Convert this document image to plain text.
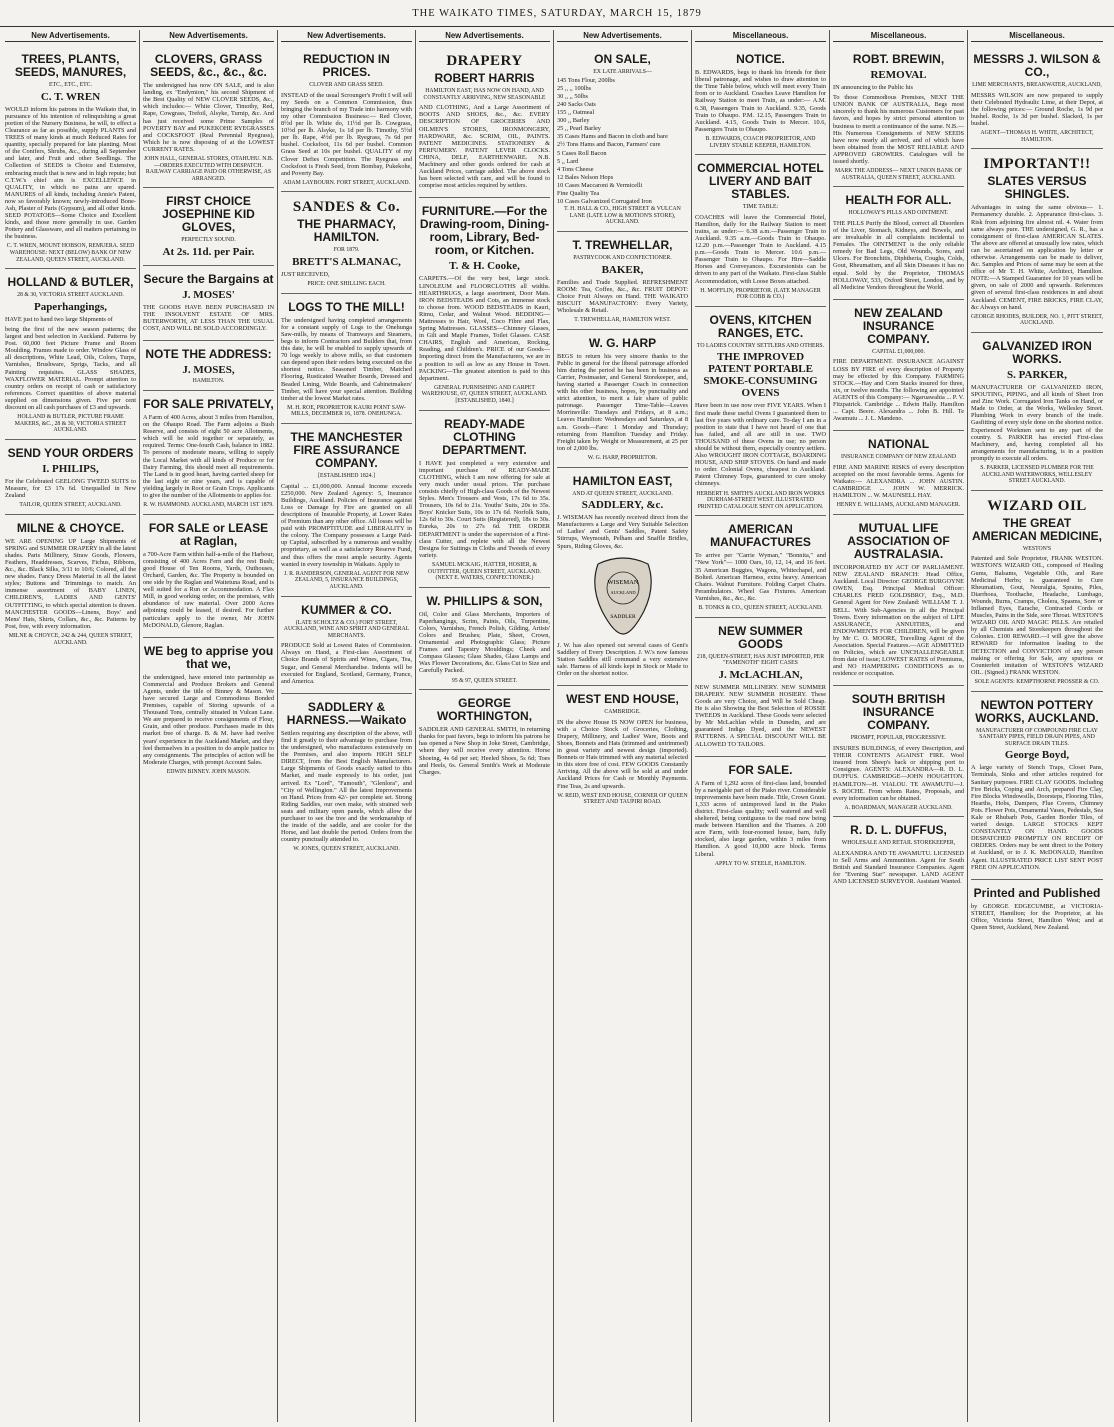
THE WAIKATO TIMES, SATURDAY, MARCH 15, 1879
New Advertisements.
TREES, PLANTS, SEEDS, MANURES,
ETC., ETC., ETC.
C. T. WREN
WOULD inform his patrons in the Waikato that, in pursuance of his intention of relinquishing a great portion of the Nursery Business, he will, to effect a Clearance as far as possible, supply PLANTS and TREES of many kinds at much Reduced Rates for quantity, specially prepared for late planting. Most of the Conifers, Shrubs, &c., during all September and later, and Fruit and other Seedlings. The Collection of SEEDS is Choice and Extensive, embracing much that is new and in high repute; but C.T.W.'s chief aim is EXCELLENCE in QUALITY, in which no pains are spared. MANURES of all kinds, including Annie's Patent, now so favorably known; newly-introduced Bone-Ash, Plaster of Paris (Gypsum), and all other kinds. SEED POTATOES—Some Choice and Excellent kinds, and those more generally in use. Garden Pottery and Glassware, and all matters pertaining to the business.
C. T. WREN, MOUNT HOBSON, REMUERA. SEED WAREHOUSE: NEXT (BELOW) BANK OF NEW ZEALAND, QUEEN STREET, AUCKLAND.
HOLLAND & BUTLER,
28 & 30, VICTORIA STREET AUCKLAND.
Paperhangings,
HAVE just to hand two large Shipments of
being the first of the new season patterns; the largest and best selection in Auckland. Patterns by Post. 60,000 feet Picture Frame and Room Moulding. Frames made to order. Window Glass of all descriptions, White Lead, Oils, Colors, Turps, Varnishes, Brushware, Sprigs, Tacks, and all Painting requisites. GLASS SHADES, WAXFLOWER MATERIAL. Prompt attention to country orders on receipt of cash or satisfactory references. Correct quantities of above material supplied on dimensions given. Five per cent discount on all cash purchases of £3 and upwards.
HOLLAND & BUTLER, PICTURE FRAME MAKERS, &C., 28 & 30, VICTORIA STREET AUCKLAND.
SEND YOUR ORDERS
I. PHILIPS,
For the Celebrated GEELONG TWEED SUITS to Measure, for £3 17s 6d. Unequalled in New Zealand
TAILOR, QUEEN STREET, AUCKLAND.
MILNE & CHOYCE.
WE ARE OPENING UP Large Shipments of SPRING and SUMMER DRAPERY in all the latest shades. Paris Millinery, Straw Goods, Flowers, Feathers, Headdresses, Scarves, Fichus, Ribbons, &c., &c. Black Silks, 3/11 to 10/6; Colored, all the new shades. Fancy Dress Material in all the latest styles; Buttons and Trimmings to match. An immense assortment of BABY LINEN, CHILDREN'S, LADIES AND GENTS' OUTFITTING, to which special attention is drawn. MANCHESTER GOODS—Linens, Boys' and Mens' Hats, Shirts, Collars, &c., &c. Patterns by Post, free, with every information.
MILNE & CHOYCE, 242 & 244, QUEEN STREET, AUCKLAND.
New Advertisements.
CLOVERS, GRASS SEEDS, &c., &c., &c.
The undersigned has now ON SALE, and is also landing, ex "Endymion," his second Shipment of the Best Quality of NEW CLOVER SEEDS, &c., which includes:— White Clover, Timothy, Red, Rape, Cowgrass, Trefoil, Alsyke, Turnip, &c. And has just received some Prime Samples of POVERTY BAY and PUKEKOHE RYEGRASSES and COCKSFOOT (Real Perennial Ryegrass), Which he is now disposing of at the LOWEST CURRENT RATES.
JOHN HALL, GENERAL STORES, OTAHUHU. N.B.—ORDERS EXECUTED WITH DESPATCH. RAILWAY CARRIAGE PAID OR OTHERWISE, AS ARRANGED.
FIRST CHOICE JOSEPHINE KID GLOVES,
PERFECTLY SOUND.
At 2s. 11d. per Pair.
Secure the Bargains at
J. MOSES'
THE GOODS HAVE BEEN PURCHASED IN THE INSOLVENT ESTATE OF MRS. BUTERWORTH, AT LESS THAN THE USUAL COST, AND WILL BE SOLD ACCORDINGLY.
NOTE THE ADDRESS:
J. MOSES,
HAMILTON.
FOR SALE PRIVATELY,
A Farm of 400 Acres, about 3 miles from Hamilton, on the Ohaupo Road. The Farm adjoins a Bush Reserve, and consists of eight 50 acre Allotments, which will be sold together or separately, as required. Terms: One-fourth Cash, balance in 1882. To persons of moderate means, willing to supply the Local Market with all kinds of Produce or for Dairy Farming, this should meet all requirements. The Land is in good heart, having carried sheep for the last eight or nine years, and is capable of yielding largely in Root or Grain Crops. Applicants to give the number of the Allotments to applies for.
R. W. HAMMOND. AUCKLAND, MARCH 1ST 1879.
FOR SALE or LEASE at Raglan,
a 700-Acre Farm within half-a-mile of the Harbour, consisting of 400 Acres Fern and the rest Bush; good House of Ten Rooms, Yards, Outhouses, Orchard, Garden, &c. The Property is bounded on one side by the Raglan and Waitetuna Road, and is well suited for a Run or Accommodation. A Flax Mill, in good working order, on the premises, with abundance of raw material. Over 2000 Acres adjoining could be leased, if desired. For further particulars apply to the owner, Mr JOHN McDONALD, Glenore, Raglan.
WE beg to apprise you that we,
the undersigned, have entered into partnership as Commercial and Produce Brokers and General Agents, under the title of Binney & Mason. We have secured Large and Commodious Bonded Premises, capable of Storing upwards of a Thousand Tons, centrally situated in Vulcan Lane. We are prepared to receive consignments of Flour, Grain, and other produce. Purchases made in this market free of charge. B. & M. have had twelve years' experience in the Auckland Market, and they feel themselves in a position to do ample justice to any consignments. The principles of action will be Moderate Charges, with prompt Account Sales.
EDWIN BINNEY. JOHN MASON.
New Advertisements.
REDUCTION IN PRICES.
CLOVER AND GRASS SEED.
INSTEAD of the usual Scrounger's Profit I will sell my Seeds on a Common Commission, thus bringing the branch of my Trade into harmony with my other Commission Business:— Red Clover, 8½d per lb. White do, 11½d per lb. Cowgrass, 10½d per lb. Alsyke, 1s 1d per lb. Timothy, 5½d per lb. Rape, 4½d per lb. Ryegrass, 7s 6d per bushel. Cocksfoot, 11s 6d per bushel. Common Grass Seed at 10s per bushel. QUALITY of my Clover Defies Competition. The Ryegrass and Cocksfoot is Fresh Seed, from Bombay, Pukekohe, and Poverty Bay.
ADAM LAYBOURN. FORT STREET, AUCKLAND.
SANDES & Co.
THE PHARMACY, HAMILTON.
FOR 1879.
BRETT'S ALMANAC,
JUST RECEIVED,
PRICE: ONE SHILLING EACH.
LOGS TO THE MILL!
The undersigned having completed arrangements for a constant supply of Logs to the Onehunga Saw-mills, by means of Tramways and Steamers, begs to inform Contractors and Builders that, from this date, he will be enabled to supply upwards of 70 logs weekly to above mills, so that customers can depend upon their orders being executed on the shortest notice. Seasoned Timber, Matched Flooring, Rusticated Weather Boards, Dressed and Beaded Lining, Wide Boards, and Cabinetmakers' Timber, will have your special attention. Building timber at the lowest Market rates.
M. H. ROE, PROPRIETOR KAURI POINT SAW-MILLS, DECEMBER 16, 1878. ONEHUNGA.
THE MANCHESTER FIRE ASSURANCE COMPANY.
[ESTABLISHED 1824.]
Capital ... £1,000,000. Annual Income exceeds £250,000. New Zealand Agency: 5, Insurance Buildings, Auckland. Policies of Insurance against Loss or Damage by Fire are granted on all descriptions of Insurable Property, at Lower Rates of Premium than any other office. All losses will be paid with PROMPTITUDE and LIBERALITY in the colony. The Company possesses a Large Paid-up Capital, subscribed by a numerous and wealthy proprietary, as well as a satisfactory Reserve Fund, and thus offers the most ample security. Agents wanted in every township in Waikato. Apply to
J. R. RANDERSON, GENERAL AGENT FOR NEW ZEALAND, 5, INSURANCE BUILDINGS, AUCKLAND.
KUMMER & CO.
(LATE SCHOLTZ & CO.) FORT STREET, AUCKLAND, WINE AND SPIRIT AND GENERAL MERCHANTS.
PRODUCE Sold at Lowest Rates of Commission. Always on Hand, a First-class Assortment of Choice Brands of Spirits and Wines, Cigars, Tea, Sugar, and General Merchandise. Indents will be executed for England, Scotland, Germany, France, and America.
SADDLERY & HARNESS.—Waikato
Settlers requiring any description of the above, will find it greatly to their advantage to purchase from the undersigned, who manufactures extensively on the Premises, and also imports HIGH SELF DIRECT, from the Best English Manufacturers. Large Shipments of Goods exactly suited to this Market, and made expressly to his order, just arrived. Ex "Lord", "Famouth", "Glenlora", and "City of Wellington." All the latest Improvements on Hand. Prices from 42/- per complete set. Strong Riding Saddles, our own make, with strained web seats and military open panels, which allow the purchaser to see the tree and the workmanship of the inside of the saddle, and are cooler for the Horse, and last double the period. Orders from the country punctually attended to.
W. JONES, QUEEN STREET, AUCKLAND.
New Advertisements.
DRAPERY
ROBERT HARRIS
HAMILTON EAST, HAS NOW ON HAND, AND CONSTANTLY ARRIVING, NEW SEASONABLE
AND CLOTHING, And a Large Assortment of BOOTS AND SHOES, &c., &c. EVERY DESCRIPTION OF GROCERIES AND OILMEN'S STORES, IRONMONGERY, HARDWARE, &c. SCRIM, OIL, PAINTS. PATENT MEDICINES. STATIONERY & PERFUMERY. PATENT LEVER CLOCKS. CHINA, DELF, EARTHENWARE. N.B. Machinery and other goods ordered for cash at Auckland Prices, carriage added. The above stock has been selected with care, and will be found to comprise most articles required by settlers.
FURNITURE.—For the Drawing-room, Dining-room, Library, Bed-room, or Kitchen.
T. & H. Cooke,
CARPETS.—Of the very best, large stock. LINOLEUM and FLOORCLOTHS all widths. HEARTHRUGS, a large assortment, Door Mats. IRON BEDSTEADS and Cots, an immense stock to choose from. WOOD BEDSTEADS in Kauri, Rimu, Cedar, and Walnut Wood. BEDDING—Mattresses to Hair, Wool, Coco Fibre and Flax, Spring Mattresses. GLASSES—Chimney Glasses, in Gilt and Maple Frames, Toilet Glasses. CASE CHAIRS, English and American, Rocking, Reading, and Children's. PRICE of our Goods—Importing direct from the Manufacturers, we are in a position to sell as low as any House in Town. PACKING—The greatest attention is paid to this department.
GENERAL FURNISHING AND CARPET WAREHOUSE, 67, QUEEN STREET, AUCKLAND. [ESTABLISHED, 1840.]
READY-MADE CLOTHING DEPARTMENT.
I HAVE just completed a very extensive and important purchase of READY-MADE CLOTHING, which I am now offering for sale at very much under usual prices. The purchase consists chiefly of High-class Goods of the Newest Styles. Men's Trousers and Vests, 17s 6d to 35s. Trousers, 10s 6d to 21s. Youths' Suits, 20s to 35s. Boys' Knicker Suits, 10s to 17s 6d. Norfolk Suits, 12s 6d to 30s. Court Suits (Registered), 18s to 30s. Eureka, 20s to 27s 6d. THE ORDER DEPARTMENT is under the supervision of a First-class Cutter, and replete with all the Newest Designs for Suitings in Cloths and Tweeds of every variety.
SAMUEL MCKAIG, HATTER, HOSIER, & OUTFITTER, QUEEN STREET, AUCKLAND. (NEXT E. WATERS, CONFECTIONER.)
W. PHILLIPS & SON,
Oil, Color and Glass Merchants, Importers of Paperhangings, Scrim, Paints, Oils, Turpentine, Colors, Varnishes, French Polish, Gilding, Artists' Colors and Brushes; Plate, Sheet, Crown, Ornamental and Photographic Glass; Picture Frames and Tapestry Mouldings; Cheek and Compass Glasses; Glass Shades, Glass Lamps and Wax Flower Decorations, &c. Glass Cut to Size and Carefully Packed.
95 & 97, QUEEN STREET.
GEORGE WORTHINGTON,
SADDLER AND GENERAL SMITH, in returning thanks for past favors, begs to inform his patrons he has opened a New Shop in Joke Street, Cambridge, where they will receive every attention. Horse Shoeing, 4s 6d per set; Heeled Shoes, 5s 6d; Toes and Heels, 6s. General Smith's Work at Moderate Charges.
New Advertisements.
ON SALE,
EX LATE ARRIVALS—
145 Tons Flour, 200lbs
25 ,, ,, 100lbs
30 ,, ,, 50lbs
240 Sacks Oats
155 ,, Oatmeal
300 ,, Barley
25 ,, Pearl Barley
35 Cases Hams and Bacon in cloth and bare
2½ Tons Hams and Bacon, Farmers' cure
5 Cases Roll Bacon
5 ,, Lard
4 Tons Cheese
12 Bales Nelson Hops
10 Cases Maccaroni & Vermicelli
Fine Quality Tea
10 Cases Galvanized Corrugated Iron
T. H. HALL & CO., HIGH STREET & VULCAN LANE (LATE LOW & MOTION'S STORE), AUCKLAND.
T. TREWHELLAR,
PASTRYCOOK AND CONFECTIONER.
BAKER,
Families and Trade Supplied. REFRESHMENT ROOM: Tea, Coffee, &c., &c. FRUIT DEPOT: Choice Fruit Always on Hand. THE WAIKATO BISCUIT MANUFACTORY: Every Variety, Wholesale & Retail.
T. TREWHELLAR, HAMILTON WEST.
W. G. HARP
BEGS to return his very sincere thanks to the Public in general for the liberal patronage afforded him during the period he has been in business as Carrier, Postmaster, and General Storekeeper, and, having started a Passenger Coach in connection with his other business, hopes, by punctuality and strict attention, to merit a fair share of public patronage. Passenger Time-Table—Leaves Morrinsville: Tuesdays and Fridays, at 8 a.m.; Leaves Hamilton: Wednesdays and Saturdays, at 8 a.m. Goods—Fare: 1 Monday and Thursday; returning from Hamilton Tuesday and Friday. Freight taken by Weight or Measurement, at 25 per ton of 2,000 lbs.
W. G. HARP, PROPRIETOR.
HAMILTON EAST,
AND AT QUEEN STREET, AUCKLAND.
SADDLERY, &c.
J. WISEMAN has recently received direct from the Manufacturers a Large and Very Suitable Selection of Ladies' and Gents' Saddles, Patent Safety Stirrups, Weymouth, Pelham and Snaffle Bridles, Spurs, Riding Gloves, &c.
WISEMAN
AUCKLAND
SADDLER
J. W. has also opened out several cases of Gent's Saddlery of Every Description. J. W.'s now famous Station Saddles still command a very extensive sale. Harness of all kinds kept in Stock or Made to Order on the shortest notice.
WEST END HOUSE,
CAMBRIDGE.
IN the above House IS NOW OPEN for business, with a Choice Stock of Groceries, Clothing, Drapery, Millinery, and Ladies' Ware, Boots and Shoes, Bonnets and Hats (trimmed and untrimmed) in great variety and newest design (imported). Bonnets or Hats trimmed with any material selected in this store free of cost. FEW GOODS Constantly Arriving. All the above will be sold at and under Auckland Prices for Cash or Monthly Payments. Fine Teas, 2s and upwards.
W. REID, WEST END HOUSE, CORNER OF QUEEN STREET AND TAUPIRI ROAD.
Miscellaneous.
NOTICE.
B. EDWARDS, begs to thank his friends for their liberal patronage, and wishes to draw attention to the Time Table below, which will meet every Train from or to Auckland. Coaches Leave Hamilton for Railway Station to meet Train, as under:— A.M. 6.38, Passengers Train to Auckland. 9.35, Goods Train to Ohaupo. P.M. 12.15, Passengers Train to Auckland. 4.15, Goods Train to Mercer. 10.6, Passengers Train to Ohaupo.
B. EDWARDS, COACH PROPRIETOR, AND LIVERY STABLE KEEPER, HAMILTON.
COMMERCIAL HOTEL LIVERY AND BAIT STABLES.
TIME TABLE:
COACHES will leave the Commercial Hotel, Hamilton, daily for the Railway Station to meet trains, as under:— 6.38 a.m.—Passenger Train to Auckland. 9.35 a.m.—Goods Train to Ohaupo. 12.20 p.m.—Passenger Train to Auckland. 4.15 p.m.—Goods Train to Mercer. 10.6 p.m.—Passenger Train to Ohaupo. For Hire—Saddle Horses and Conveyances. Excursionists can be driven to any part of the Waikato. First-class Stable Accommodation, with Loose Boxes attached.
H. MOFFLIN, PROPRIETOR. (LATE MANAGER FOR COBB & CO.)
OVENS, KITCHEN RANGES, ETC.
TO LADIES COUNTRY SETTLERS AND OTHERS.
THE IMPROVED PATENT PORTABLE SMOKE-CONSUMING OVENS
Have been in use now over FIVE YEARS. When I first made these useful Ovens I guaranteed them to last five years with ordinary care. To-day I am in a position to state that I have not heard of one that has failed, and all are still in use. TWO THOUSAND of these Ovens in use; no person should be without them, especially country settlers. Also WROUGHT IRON COTTAGE, BOARDING HOUSE, AND SHIP STOVES. On hand and made to order. Colonial Ovens, cheapest in Auckland. Patent Chimney Tops, guaranteed to cure smoky chimneys.
HERBERT H. SMITH'S AUCKLAND IRON WORKS DURHAM-STREET WEST. ILLUSTRATED PRINTED CATALOGUE SENT ON APPLICATION.
AMERICAN MANUFACTURES
To arrive per "Carrie Wyman," "Bonnita," and "New York"— 1000 Oars, 10, 12, 14, and 16 feet. 35 American Buggies, Wagons, Whitechapel, and Bolted. American Harness, extra heavy. American Chairs. Walnut Furniture. Folding Carpet Chairs. Perambulators. Wheel Gas Fixtures. American Varnishes, &c., &c., &c.
B. TONKS & CO., QUEEN STREET, AUCKLAND.
NEW SUMMER GOODS
218, QUEEN-STREET, HAS JUST IMPORTED, PER "FAMENOTH" EIGHT CASES
J. McLACHLAN,
NEW SUMMER MILLINERY. NEW SUMMER DRAPERY. NEW SUMMER HOSIERY. These Goods are very Choice, and Will be Sold Cheap. He is also Showing the Best Selection of ROSSIE TWEEDS in Auckland. These Goods were selected by Mr McLachlan while in Dunedin, and are guaranteed Indigo Dyed, and the NEWEST PATTERNS. A SPECIAL DISCOUNT WILL BE ALLOWED TO TAILORS.
FOR SALE.
A Farm of 1,292 acres of first-class land, bounded by a navigable part of the Piako river. Considerable improvements have been made. Title, Crown Grant. 1,333 acres of unimproved land in the Piako district. First-class quality; well watered and well sheltered, being contiguous to the road now being made between Hamilton and the Thames. A 200 acre Farm, with four-roomed house, barn, fully stocked, also large garden, within 3 miles from Hamilton. A good 10,000 acre block. Terms Liberal.
APPLY TO W. STEELE, HAMILTON.
Miscellaneous.
ROBT. BREWIN,
REMOVAL
IN announcing to the Public his
To those Commodious Premises, NEXT THE UNION BANK OF AUSTRALIA, Begs most sincerely to thank his numerous Customers for past favors, and hopes by strict personal attention to business to merit a continuance of the same. N.B.—His Numerous Consignments of NEW SEEDS have now nearly all arrived, and of which have been obtained from the MOST RELIABLE AND APPROVED GROWERS. Catalogues will be issued shortly.
MARK THE ADDRESS— NEXT UNION BANK OF AUSTRALIA, QUEEN STREET, AUCKLAND.
HEALTH FOR ALL.
HOLLOWAY'S PILLS AND OINTMENT.
THE PILLS Purify the Blood, correct all Disorders of the Liver, Stomach, Kidneys, and Bowels, and are invaluable in all complaints incidental to Females. The OINTMENT is the only reliable remedy for Bad Legs, Old Wounds, Sores, and Ulcers. For Bronchitis, Diphtheria, Coughs, Colds, Gout, Rheumatism, and all Skin Diseases it has no equal. Sold by the Proprietor, THOMAS HOLLOWAY, 533, Oxford Street, London, and by all Medicine Vendors throughout the World.
NEW ZEALAND INSURANCE COMPANY.
CAPITAL £1,000,000.
FIRE DEPARTMENT. INSURANCE AGAINST LOSS BY FIRE of every description of Property may be effected by this Company. FARMING STOCK.—Hay and Corn Stacks insured for three, six, or twelve months. The following are appointed AGENTS of this Company:— Ngaruawahia ... P. V. Fitzpatrick. Cambridge ... Edwin Hally. Hamilton ... Capt. Beere. Alexandra ... John B. Hill. Te Awamutu ... J. L. Mandeno.
NATIONAL
INSURANCE COMPANY OF NEW ZEALAND
FIRE AND MARINE RISKS of every description accepted on the most favorable terms. Agents for Waikato:— ALEXANDRA ... JOHN AUSTIN. CAMBRIDGE ... JOHN W. MERRICK. HAMILTON ... W. MAUNSELL HAY.
HENRY E. WILLIAMS, AUCKLAND MANAGER.
MUTUAL LIFE ASSOCIATION OF AUSTRALASIA.
INCORPORATED BY ACT OF PARLIAMENT. NEW ZEALAND BRANCH: Head Office, Auckland. Local Director: GEORGE BURGOYNE OWEN, Esq. Principal Medical Officer: CHARLES FRED GOLDSBRO', Esq., M.D. General Agent for New Zealand: WILLIAM T. J. BELL. With Sub-Agencies in all the Principal Towns. Every information on the subject of LIFE ASSURANCE, ANNUITIES, and ENDOWMENTS FOR CHILDREN, will be given by Mr C. O. MOORE, Travelling Agent of the Association. Special Features.—AGE ADMITTED on Policies, which are UNCHALLENGEABLE from date of issue; LOWEST RATES of Premiums, and NO HAMPERING CONDITIONS as to residence or occupation.
SOUTH BRITISH INSURANCE COMPANY.
PROMPT, POPULAR, PROGRESSIVE.
INSURES BUILDINGS, of every Description, and THEIR CONTENTS AGAINST FIRE. Wool insured from Sheep's back or shipping port to Consignee. AGENTS: ALEXANDRA—R. D. L. DUFFUS. CAMBRIDGE—JOHN HOUGHTON. HAMILTON—H. VIALOU. TE AWAMUTU—J. S. ROCHE. From whom Rates, Proposals, and every information can be obtained.
A. BOARDMAN, MANAGER AUCKLAND.
R. D. L. DUFFUS,
WHOLESALE AND RETAIL STOREKEEPER,
ALEXANDRA AND TE AWAMUTU. LICENSED to Sell Arms and Ammunition. Agent for South British and Standard Insurance Companies. Agent for "Evening Star" newspaper. LAND AGENT AND LICENSED SURVEYOR. Assistant Wanted.
Miscellaneous.
MESSRS J. WILSON & CO.,
LIME MERCHANTS, BREAKWATER, AUCKLAND,
MESSRS WILSON are now prepared to supply their Celebrated Hydraulic Lime, at their Depot, at the following prices:— Ground Roche, 1s 9d per bushel. Roche, 1s 3d per bushel. Slacked, 1s per bushel.
AGENT—THOMAS H. WHITE, ARCHITECT, HAMILTON.
IMPORTANT!!
SLATES VERSUS SHINGLES.
Advantages in using the same obvious— 1. Permanency durable. 2. Appearance first-class. 3. Risk from adjoining fire almost nil. 4. Water from same always pure. THE undersigned, G. R., has a consignment of first-class AMERICAN SLATES. The above are offered at unusually low rates, which can be ascertained on application by letter or otherwise. Arrangements can be made to deliver, &c. Samples and Prices of same may be seen at the office of Mr T. H. White, Architect, Hamilton. NOTE:—A Stamped Guarantee for 10 years will be given, on sale of 2000 and upwards. References given of several first-class residences in and about Auckland. CEMENT, FIRE BRICKS, FIRE CLAY, &c Always on hand.
GEORGE RHODES, BUILDER, NO. 1, PITT STREET, AUCKLAND.
GALVANIZED IRON WORKS.
S. PARKER,
MANUFACTURER OF GALVANIZED IRON, SPOUTING, PIPING, and all kinds of Sheet Iron and Zinc Work. Corrugated Iron Tanks on Hand, or Made to Order, at the Works, Wellesley Street. Plumbing Work in every branch of the trade. Gasfitting of every style done on the shortest notice. Experienced Workmen sent to any part of the country. S. PARKER has erected First-class Machinery, and, having completed all his arrangements for manufacturing, is in a position promptly to execute all orders.
S. PARKER, LICENSED PLUMBER FOR THE AUCKLAND WATERWORKS, WELLESLEY STREET AUCKLAND.
WIZARD OIL
THE GREAT AMERICAN MEDICINE,
WESTON'S
Patented and Sole Proprietor, FRANK WESTON. WESTON'S WIZARD OIL, composed of Healing Gums, Balsams, Vegetable Oils, and Rare Medicinal Herbs; is guaranteed to Cure Rheumatism, Gout, Neuralgia, Sprains, Piles, Diarrhoea, Toothache, Headache, Lumbago, Wounds, Burns, Cramps, Cholera, Spasms, Sore or Inflamed Eyes, Earache, Contracted Cords or Muscles, Pains in the Side, sore Throat. WESTON'S WIZARD OIL AND MAGIC PILLS. Are retailed by all Chemists and Storekeepers throughout the Colonies. £100 REWARD.—I will give the above REWARD for information leading to the DETECTION and CONVICTION of any person making or offering for Sale, any spurious or Counterfeit imitation of WESTON'S WIZARD OIL. (Signed.) FRANK WESTON.
SOLE AGENTS: KEMPTHORNE PROSSER & CO.
NEWTON POTTERY WORKS, AUCKLAND.
MANUFACTURER OF COMPOUND FIRE CLAY SANITARY PIPES, FIELD DRAIN PIPES, AND SURFACE DRAIN TILES.
George Boyd,
A large variety of Stench Traps, Closet Pans, Terminals, Sinks and other articles required for Sanitary purposes. FIRE CLAY GOODS. Including Fire Bricks, Coping and Arch, prepared Fire Clay, Fire Blocks Windowsills, Doorsteps, Flooring Tiles, Hearths, Hobs, Dampers, Flue Covers, Chimney Pots. Flower Pots, Ornamental Vases, Pedestals, Sea Kale or Rhubarb Pots, Garden Border Tiles, of varied design. LARGE STOCKS KEPT CONSTANTLY ON HAND. GOODS DESPATCHED PROMPTLY ON RECEIPT OF ORDERS. Orders may be sent direct to the Pottery at Auckland, or to J. K. McDONALD, Hamilton Agent. ILLUSTRATED PRICE LIST SENT POST FREE ON APPLICATION.
Printed and Published
by GEORGE EDGECUMBE, at VICTORIA-STREET, Hamilton; for the Proprietor, at his Office, Victoria Street, Hamilton West; and at Queen Street, Auckland, New Zealand.
